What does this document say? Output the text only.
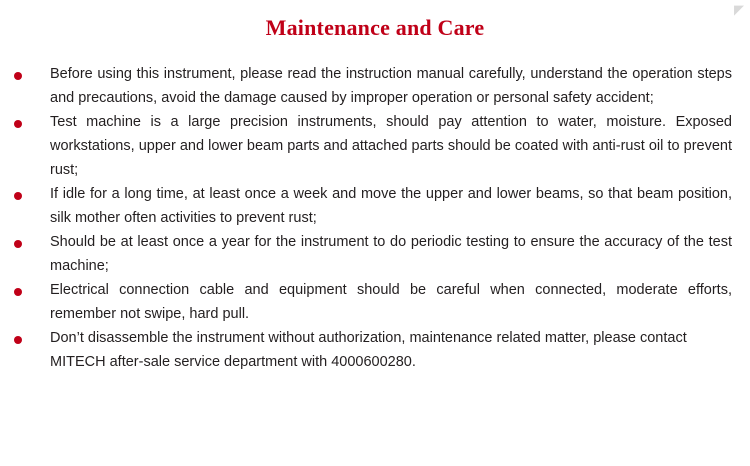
◤
Maintenance and Care
Before using this instrument, please read the instruction manual carefully, understand the operation steps and precautions, avoid the damage caused by improper operation or personal safety accident;
Test machine is a large precision instruments, should pay attention to water, moisture. Exposed workstations, upper and lower beam parts and attached parts should be coated with anti-rust oil to prevent rust;
If idle for a long time, at least once a week and move the upper and lower beams, so that beam position, silk mother often activities to prevent rust;
Should be at least once a year for the instrument to do periodic testing to ensure the accuracy of the test machine;
Electrical connection cable and equipment should be careful when connected, moderate efforts, remember not swipe, hard pull.
Don’t disassemble the instrument without authorization, maintenance related matter, please contact MITECH after-sale service department with 4000600280.
